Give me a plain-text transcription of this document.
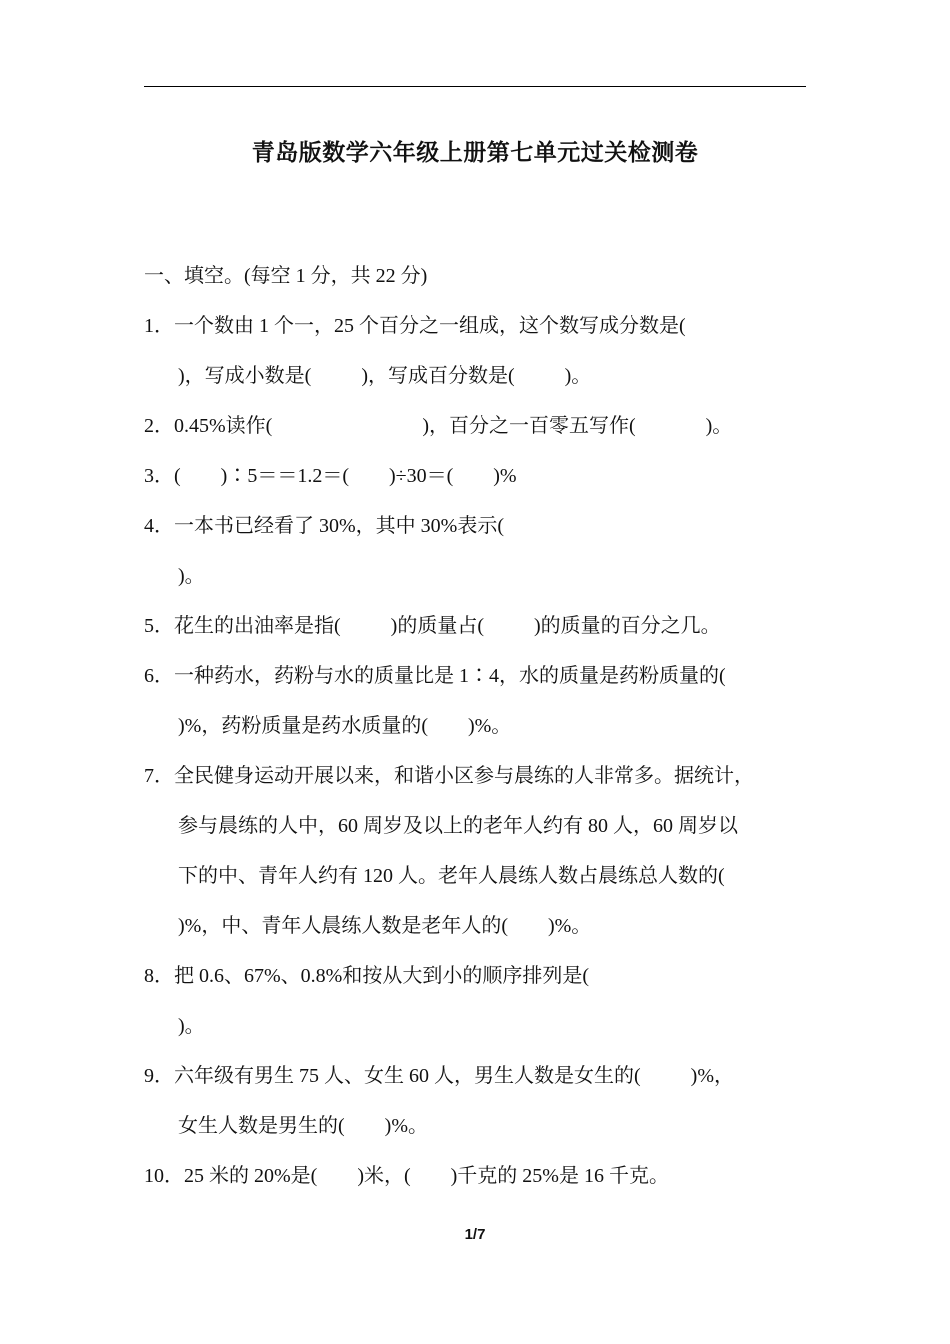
青岛版数学六年级上册第七单元过关检测卷
一、填空。(每空 1 分，共 22 分)
1．一个数由 1 个一，25 个百分之一组成，这个数写成分数是(
)，写成小数是(          )，写成百分数是(          )。
2．0.45%读作(                              )，百分之一百零五写作(              )。
3．(        )∶5＝＝1.2＝(        )÷30＝(        )%
4．一本书已经看了 30%，其中 30%表示(
)。
5．花生的出油率是指(          )的质量占(          )的质量的百分之几。
6．一种药水，药粉与水的质量比是 1∶4，水的质量是药粉质量的(
)%，药粉质量是药水质量的(        )%。
7．全民健身运动开展以来，和谐小区参与晨练的人非常多。据统计，
参与晨练的人中，60 周岁及以上的老年人约有 80 人，60 周岁以
下的中、青年人约有 120 人。老年人晨练人数占晨练总人数的(
)%，中、青年人晨练人数是老年人的(        )%。
8．把 0.6、67%、0.8%和按从大到小的顺序排列是(
)。
9．六年级有男生 75 人、女生 60 人，男生人数是女生的(          )%，
女生人数是男生的(        )%。
10．25 米的 20%是(        )米，(        )千克的 25%是 16 千克。
1/7
